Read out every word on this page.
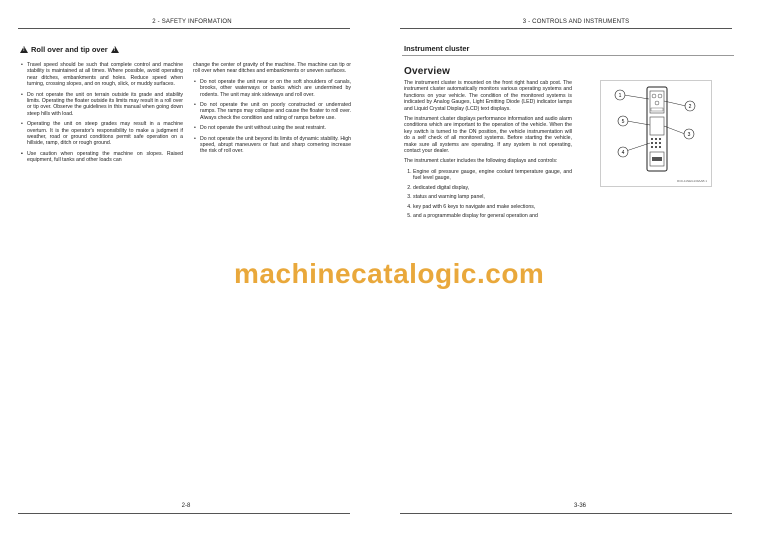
2 - SAFETY INFORMATION
!
Roll over and tip over
!
• Travel speed should be such that complete control and machine stability is maintained at all times. Where possible, avoid operating near ditches, embankments and holes. Reduce speed when turning, crossing slopes, and on rough, slick, or muddy surfaces.
• Do not operate the unit on terrain outside its grade and stability limits. Operating the floater outside its limits may result in a roll over or tip over. Observe the guidelines in this manual when going down steep hills with load.
• Operating the unit on steep grades may result in a machine overturn. It is the operator's responsibility to make a judgment if weather, road or ground conditions permit safe operation on a hillside, ramp, ditch or rough ground.
• Use caution when operating the machine on slopes. Raised equipment, full tanks and other loads can

change the center of gravity of the machine. The machine can tip or roll over when near ditches and embankments or uneven surfaces.

• Do not operate the unit near or on the soft shoulders of canals, brooks, other waterways or banks which are undermined by rodents. The unit may sink sideways and roll over.
• Do not operate the unit on poorly constructed or underrated ramps. The ramps may collapse and cause the floater to roll over. Always check the condition and rating of ramps before use.
• Do not operate the unit without using the seat restraint.
• Do not operate the unit beyond its limits of dynamic stability. High speed, abrupt maneuvers or fast and sharp cornering increase the risk of roll over.
2-8
3 - CONTROLS AND INSTRUMENTS
Instrument cluster
Overview

The instrument cluster is mounted on the front right hand cab post. The instrument cluster automatically monitors various operating systems and functions on your vehicle. The condition of the monitored systems is indicated by Analog Gauges, Light Emitting Diode (LED) indicator lamps and Liquid Crystal Display (LCD) text displays.

The instrument cluster displays performance information and audio alarm conditions which are important to the operation of the vehicle. When the key switch is turned to the ON position, the vehicle instrumentation will do a self check of all monitored systems. Before starting the vehicle, make sure all systems are operating. If any system is not operating, contact your dealer.

The instrument cluster includes the following displays and controls:

1. Engine oil pressure gauge, engine coolant temperature gauge, and fuel level gauge,
2. dedicated digital display,
3. status and warning lamp panel,
4. key pad with 6 keys to navigate and make selections,
5. and a programmable display for general operation and
3-36
1
2
3
4
5
RCIL11NEG139AAB 1
machinecatalogic.com
